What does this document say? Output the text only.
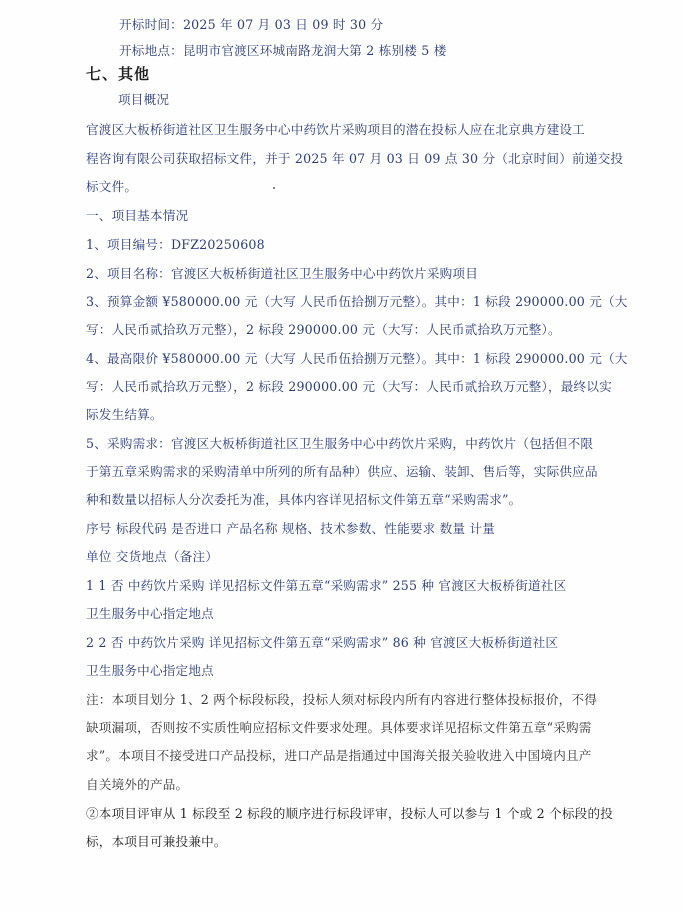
开标时间：2025 年 07 月 03 日 09 时 30 分
开标地点：昆明市官渡区环城南路龙润大第 2 栋别楼 5 楼
七、其他
项目概况
官渡区大板桥街道社区卫生服务中心中药饮片采购项目的潜在投标人应在北京典方建设工
程咨询有限公司获取招标文件，并于 2025 年 07 月 03 日 09 点 30 分（北京时间）前递交投
标文件。
一、项目基本情况
1、项目编号：DFZ20250608
2、项目名称：官渡区大板桥街道社区卫生服务中心中药饮片采购项目
3、预算金额 ¥580000.00 元（大写 人民币伍拾捌万元整）。其中：1 标段 290000.00 元（大
写：人民币贰拾玖万元整），2 标段 290000.00 元（大写：人民币贰拾玖万元整）。
4、最高限价 ¥580000.00 元（大写 人民币伍拾捌万元整）。其中：1 标段 290000.00 元（大
写：人民币贰拾玖万元整），2 标段 290000.00 元（大写：人民币贰拾玖万元整），最终以实
际发生结算。
5、采购需求：官渡区大板桥街道社区卫生服务中心中药饮片采购，中药饮片（包括但不限
于第五章采购需求的采购清单中所列的所有品种）供应、运输、装卸、售后等，实际供应品
种和数量以招标人分次委托为准，具体内容详见招标文件第五章“采购需求”。
序号 标段代码 是否进口 产品名称 规格、技术参数、性能要求 数量 计量
单位 交货地点（备注）
1 1 否 中药饮片采购 详见招标文件第五章“采购需求” 255 种 官渡区大板桥街道社区
卫生服务中心指定地点
2 2 否 中药饮片采购 详见招标文件第五章“采购需求” 86 种 官渡区大板桥街道社区
卫生服务中心指定地点
注：本项目划分 1、2 两个标段标段，投标人须对标段内所有内容进行整体投标报价，不得
缺项漏项，否则按不实质性响应招标文件要求处理。具体要求详见招标文件第五章“采购需
求”。本项目不接受进口产品投标，进口产品是指通过中国海关报关验收进入中国境内且产
自关境外的产品。
②本项目评审从 1 标段至 2 标段的顺序进行标段评审，投标人可以参与 1 个或 2 个标段的投
标，本项目可兼投兼中。
